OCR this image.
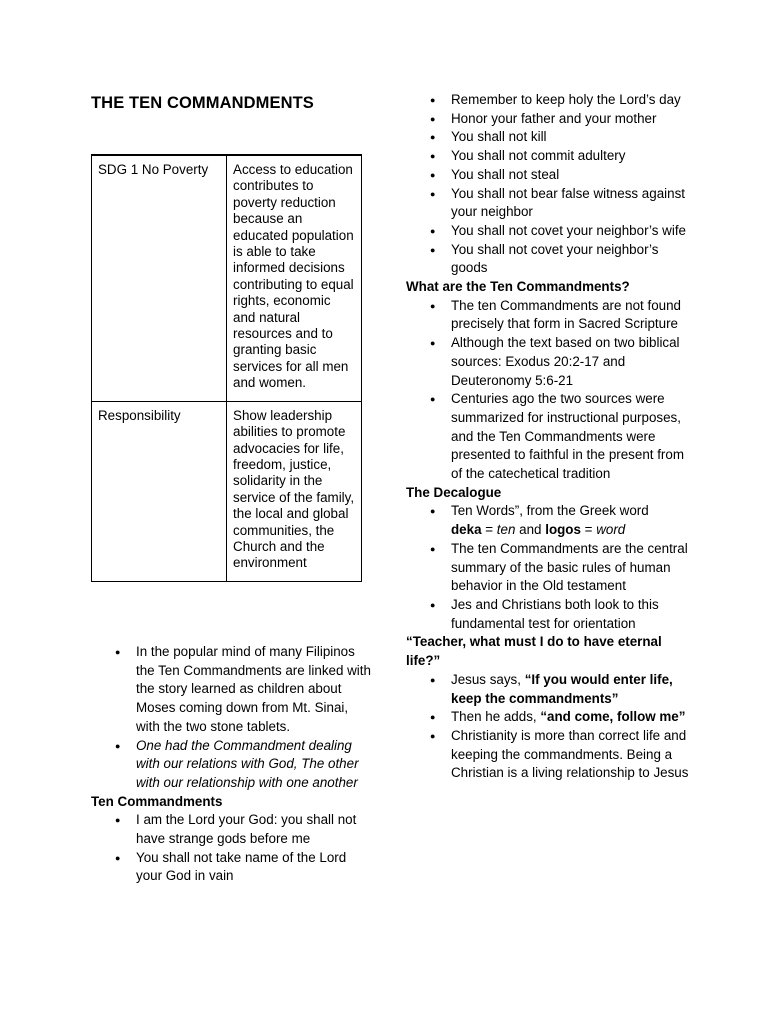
THE TEN COMMANDMENTS
SDG 1 No Poverty	Access to education contributes to poverty reduction because an educated population is able to take informed decisions contributing to equal rights, economic and natural resources and to granting basic services for all men and women.
Responsibility	Show leadership abilities to promote advocacies for life, freedom, justice, solidarity in the service of the family, the local and global communities, the Church and the environment
● In the popular mind of many Filipinos the Ten Commandments are linked with the story learned as children about Moses coming down from Mt. Sinai, with the two stone tablets.
● One had the Commandment dealing with our relations with God, The other with our relationship with one another
Ten Commandments
● I am the Lord your God: you shall not have strange gods before me
● You shall not take name of the Lord your God in vain
● Remember to keep holy the Lord’s day
● Honor your father and your mother
● You shall not kill
● You shall not commit adultery
● You shall not steal
● You shall not bear false witness against your neighbor
● You shall not covet your neighbor’s wife
● You shall not covet your neighbor’s goods
What are the Ten Commandments?
● The ten Commandments are not found precisely that form in Sacred Scripture
● Although the text based on two biblical sources: Exodus 20:2-17 and Deuteronomy 5:6-21
● Centuries ago the two sources were summarized for instructional purposes, and the Ten Commandments were presented to faithful in the present from of the catechetical tradition
The Decalogue
● Ten Words”, from the Greek word
deka = ten and logos = word
● The ten Commandments are the central summary of the basic rules of human behavior in the Old testament
● Jes and Christians both look to this fundamental test for orientation
“Teacher, what must I do to have eternal life?”
● Jesus says, “If you would enter life, keep the commandments”
● Then he adds, “and come, follow me”
● Christianity is more than correct life and keeping the commandments. Being a Christian is a living relationship to Jesus
